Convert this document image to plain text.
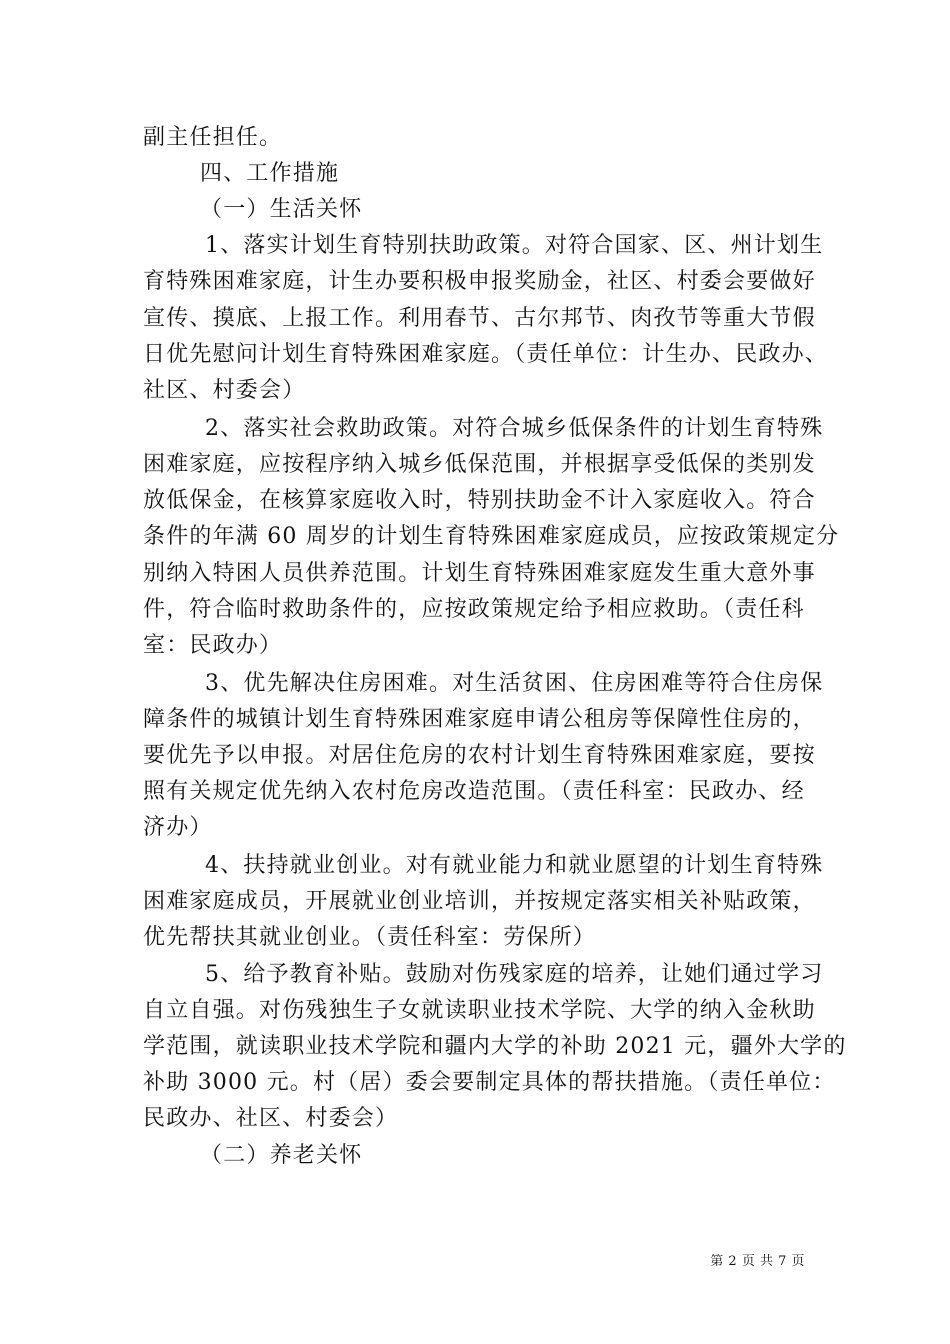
副主任担任。
四、工作措施
（一）生活关怀
1、落实计划生育特别扶助政策。对符合国家、区、州计划生
育特殊困难家庭，计生办要积极申报奖励金，社区、村委会要做好
宣传、摸底、上报工作。利用春节、古尔邦节、肉孜节等重大节假
日优先慰问计划生育特殊困难家庭。（责任单位：计生办、民政办、
社区、村委会）
2、落实社会救助政策。对符合城乡低保条件的计划生育特殊
困难家庭，应按程序纳入城乡低保范围，并根据享受低保的类别发
放低保金，在核算家庭收入时，特别扶助金不计入家庭收入。符合
条件的年满 60 周岁的计划生育特殊困难家庭成员，应按政策规定分
别纳入特困人员供养范围。计划生育特殊困难家庭发生重大意外事
件，符合临时救助条件的，应按政策规定给予相应救助。（责任科
室：民政办）
3、优先解决住房困难。对生活贫困、住房困难等符合住房保
障条件的城镇计划生育特殊困难家庭申请公租房等保障性住房的，
要优先予以申报。对居住危房的农村计划生育特殊困难家庭，要按
照有关规定优先纳入农村危房改造范围。（责任科室：民政办、经
济办）
4、扶持就业创业。对有就业能力和就业愿望的计划生育特殊
困难家庭成员，开展就业创业培训，并按规定落实相关补贴政策，
优先帮扶其就业创业。（责任科室：劳保所）
5、给予教育补贴。鼓励对伤残家庭的培养，让她们通过学习
自立自强。对伤残独生子女就读职业技术学院、大学的纳入金秋助
学范围，就读职业技术学院和疆内大学的补助 2021 元，疆外大学的
补助 3000 元。村（居）委会要制定具体的帮扶措施。（责任单位：
民政办、社区、村委会）
（二）养老关怀
第 2 页 共 7 页
